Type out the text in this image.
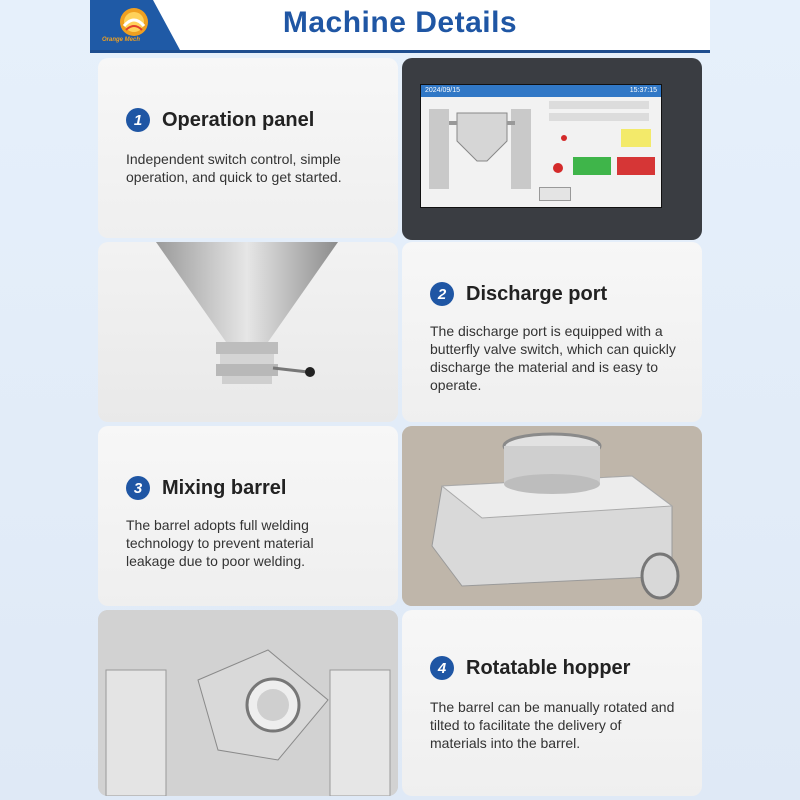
Orange Mech
Machine Details
1 Operation panel
Independent switch control, simple operation, and quick to get started.
2024/09/15	15:37:15
2 Discharge port
The discharge port is equipped with a butterfly valve switch, which can quickly discharge the material and is easy to operate.
3 Mixing barrel
The barrel adopts full welding technology to prevent material leakage due to poor welding.
4 Rotatable hopper
The barrel can be manually rotated and tilted to facilitate the delivery of materials into the barrel.
